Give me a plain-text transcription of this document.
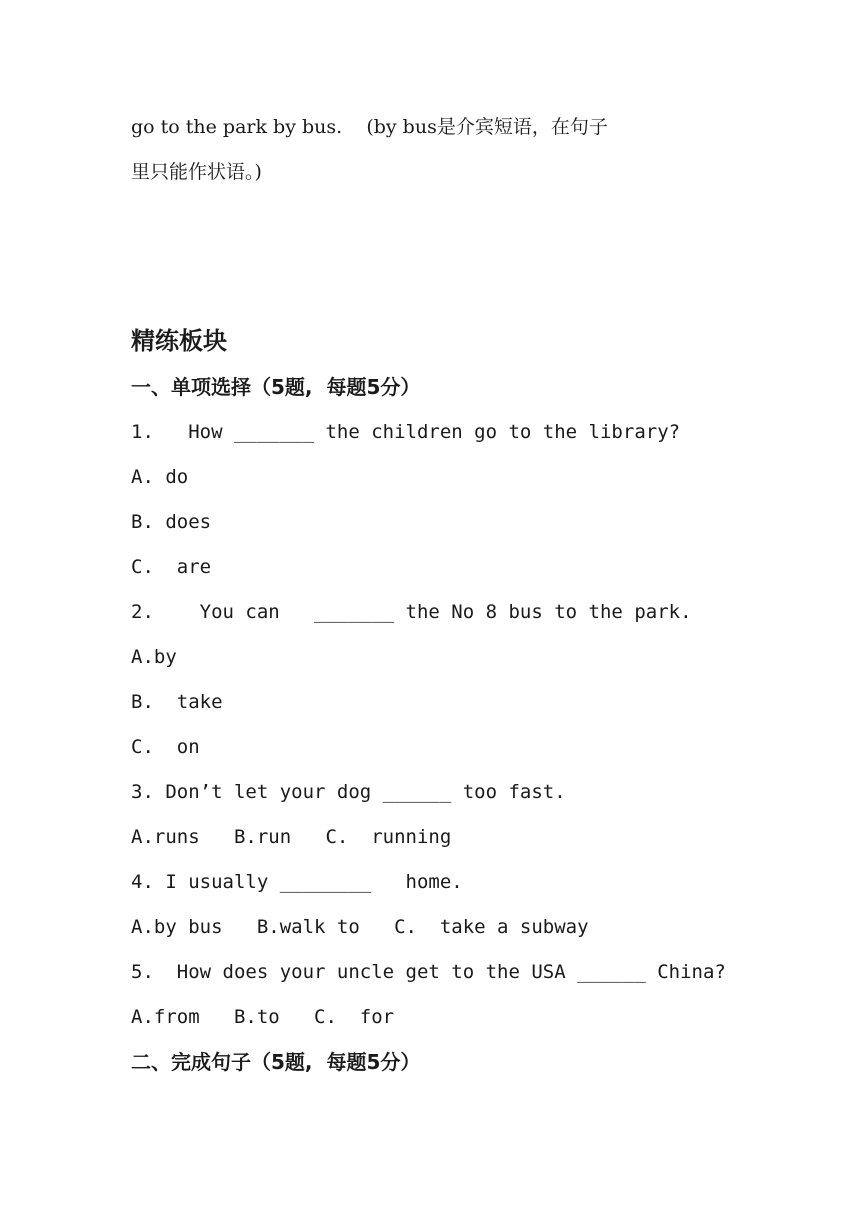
go to the park by bus.    (by bus是介宾短语，在句子
里只能作状语。)
精练板块
一、单项选择（5题,  每题5分）
1.   How _______ the children go to the library?
A. do
B. does
C.  are
2.    You can   _______ the No 8 bus to the park.
A.by
B.  take
C.  on
3. Don’t let your dog ______ too fast.
A.runs   B.run   C.  running
4. I usually ________   home.
A.by bus   B.walk to   C.  take a subway
5.  How does your uncle get to the USA ______ China?
A.from   B.to   C.  for
二、完成句子（5题,  每题5分）
